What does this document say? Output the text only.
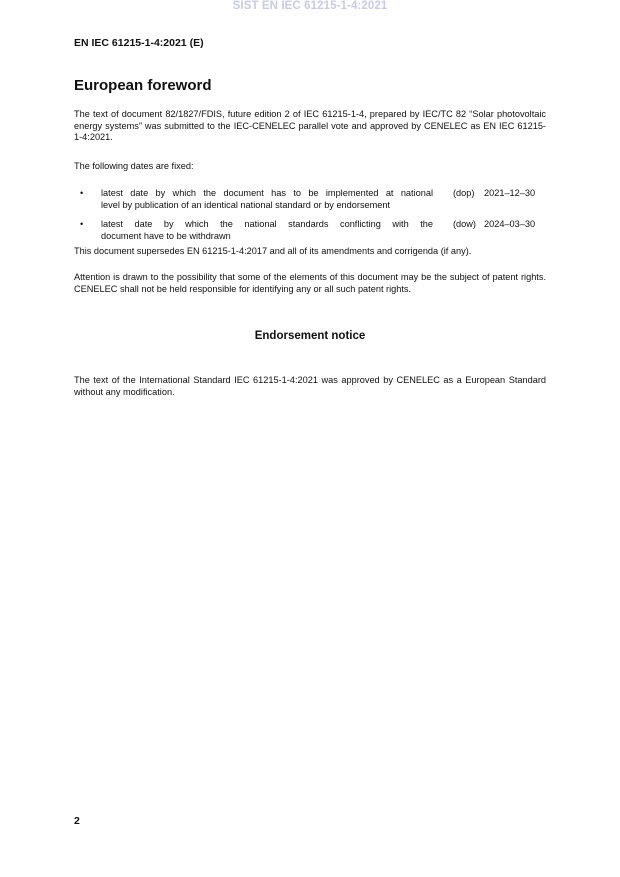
SIST EN IEC 61215-1-4:2021
EN IEC 61215-1-4:2021 (E)
European foreword
The text of document 82/1827/FDIS, future edition 2 of IEC 61215-1-4, prepared by IEC/TC 82 “Solar photovoltaic energy systems” was submitted to the IEC-CENELEC parallel vote and approved by CENELEC as EN IEC 61215-1-4:2021.
The following dates are fixed:
• latest date by which the document has to be implemented at national
level by publication of an identical national standard or by endorsement
(dop) 2021–12–30
• latest date by which the national standards conflicting with the
document have to be withdrawn
(dow) 2024–03–30
This document supersedes EN 61215-1-4:2017 and all of its amendments and corrigenda (if any).
Attention is drawn to the possibility that some of the elements of this document may be the subject of patent rights. CENELEC shall not be held responsible for identifying any or all such patent rights.
Endorsement notice
The text of the International Standard IEC 61215-1-4:2021 was approved by CENELEC as a European Standard without any modification.
2
